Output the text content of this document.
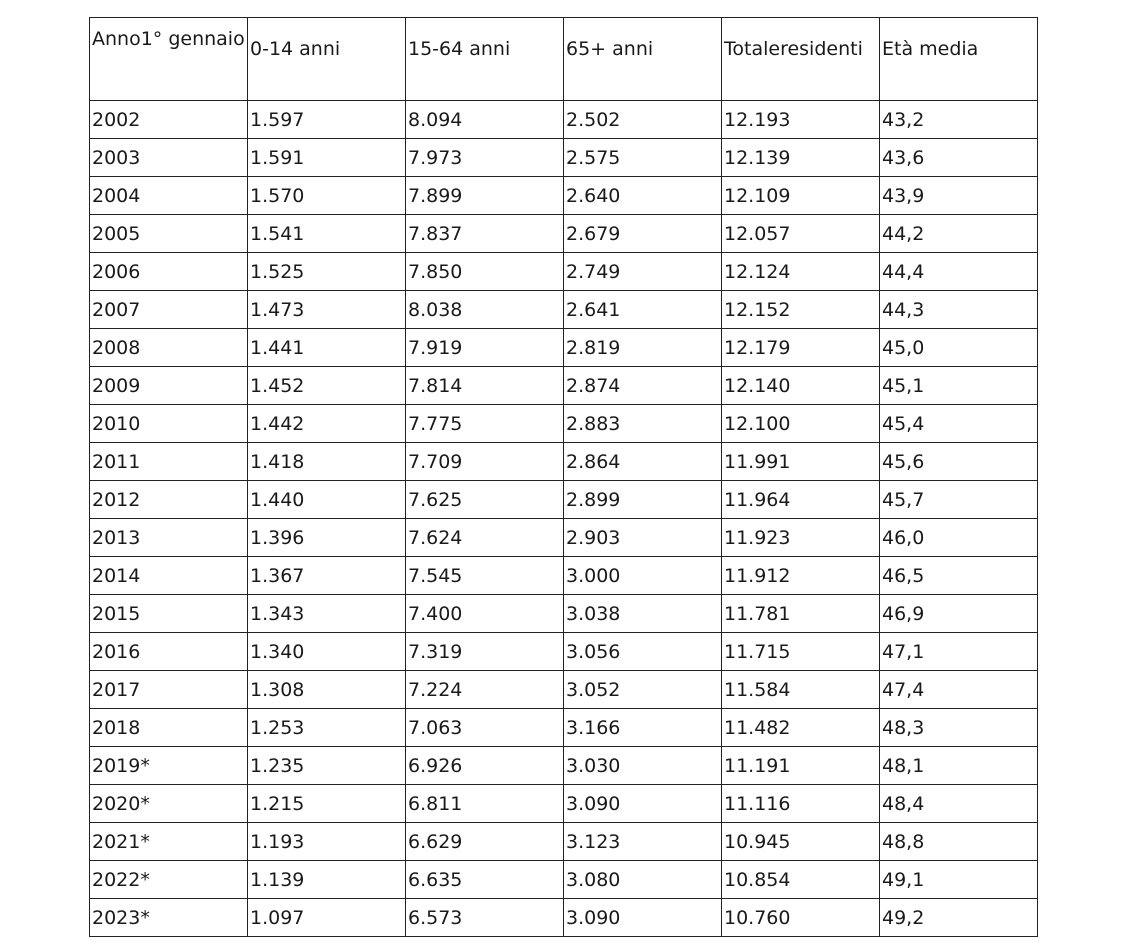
Anno1° gennaio	0-14 anni	15-64 anni	65+ anni	Totaleresidenti	Età media
2002	1.597	8.094	2.502	12.193	43,2
2003	1.591	7.973	2.575	12.139	43,6
2004	1.570	7.899	2.640	12.109	43,9
2005	1.541	7.837	2.679	12.057	44,2
2006	1.525	7.850	2.749	12.124	44,4
2007	1.473	8.038	2.641	12.152	44,3
2008	1.441	7.919	2.819	12.179	45,0
2009	1.452	7.814	2.874	12.140	45,1
2010	1.442	7.775	2.883	12.100	45,4
2011	1.418	7.709	2.864	11.991	45,6
2012	1.440	7.625	2.899	11.964	45,7
2013	1.396	7.624	2.903	11.923	46,0
2014	1.367	7.545	3.000	11.912	46,5
2015	1.343	7.400	3.038	11.781	46,9
2016	1.340	7.319	3.056	11.715	47,1
2017	1.308	7.224	3.052	11.584	47,4
2018	1.253	7.063	3.166	11.482	48,3
2019*	1.235	6.926	3.030	11.191	48,1
2020*	1.215	6.811	3.090	11.116	48,4
2021*	1.193	6.629	3.123	10.945	48,8
2022*	1.139	6.635	3.080	10.854	49,1
2023*	1.097	6.573	3.090	10.760	49,2
